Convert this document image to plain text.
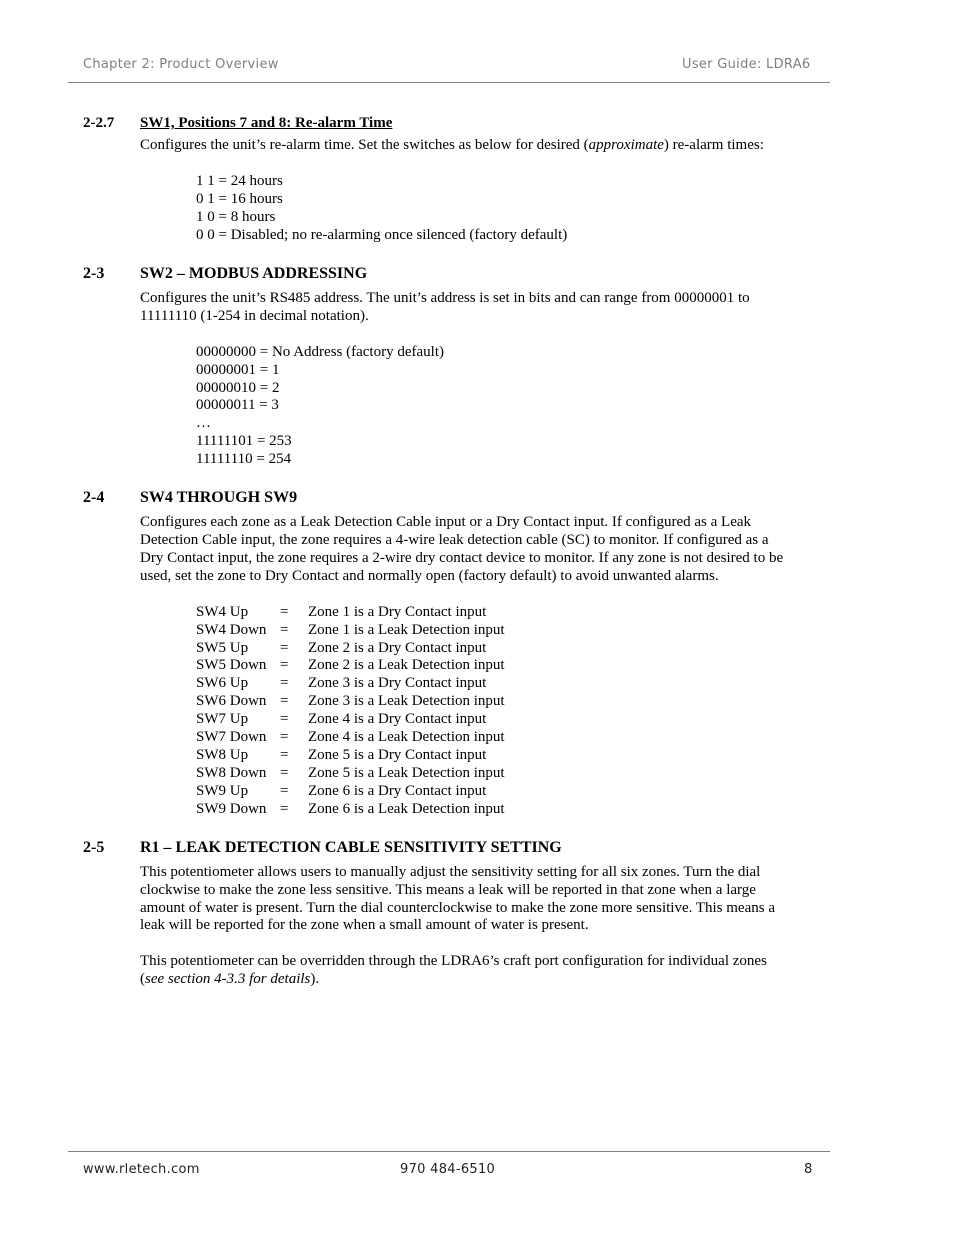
Chapter 2: Product Overview	User Guide: LDRA6
2-2.7 SW1, Positions 7 and 8: Re-alarm Time
Configures the unit’s re-alarm time. Set the switches as below for desired (approximate) re-alarm times:
1 1 = 24 hours
0 1 = 16 hours
1 0 = 8 hours
0 0 = Disabled; no re-alarming once silenced (factory default)
2-3 SW2 – MODBUS ADDRESSING
Configures the unit’s RS485 address. The unit’s address is set in bits and can range from 00000001 to
11111110 (1-254 in decimal notation).
00000000 = No Address (factory default)
00000001 = 1
00000010 = 2
00000011 = 3
…
11111101 = 253
11111110 = 254
2-4 SW4 THROUGH SW9
Configures each zone as a Leak Detection Cable input or a Dry Contact input. If configured as a Leak
Detection Cable input, the zone requires a 4-wire leak detection cable (SC) to monitor. If configured as a
Dry Contact input, the zone requires a 2-wire dry contact device to monitor. If any zone is not desired to be
used, set the zone to Dry Contact and normally open (factory default) to avoid unwanted alarms.
SW4 Up = Zone 1 is a Dry Contact input
SW4 Down = Zone 1 is a Leak Detection input
SW5 Up = Zone 2 is a Dry Contact input
SW5 Down = Zone 2 is a Leak Detection input
SW6 Up = Zone 3 is a Dry Contact input
SW6 Down = Zone 3 is a Leak Detection input
SW7 Up = Zone 4 is a Dry Contact input
SW7 Down = Zone 4 is a Leak Detection input
SW8 Up = Zone 5 is a Dry Contact input
SW8 Down = Zone 5 is a Leak Detection input
SW9 Up = Zone 6 is a Dry Contact input
SW9 Down = Zone 6 is a Leak Detection input
2-5 R1 – LEAK DETECTION CABLE SENSITIVITY SETTING
This potentiometer allows users to manually adjust the sensitivity setting for all six zones. Turn the dial
clockwise to make the zone less sensitive. This means a leak will be reported in that zone when a large
amount of water is present. Turn the dial counterclockwise to make the zone more sensitive. This means a
leak will be reported for the zone when a small amount of water is present.
This potentiometer can be overridden through the LDRA6’s craft port configuration for individual zones
(see section 4-3.3 for details).
www.rletech.com	970 484-6510	8
